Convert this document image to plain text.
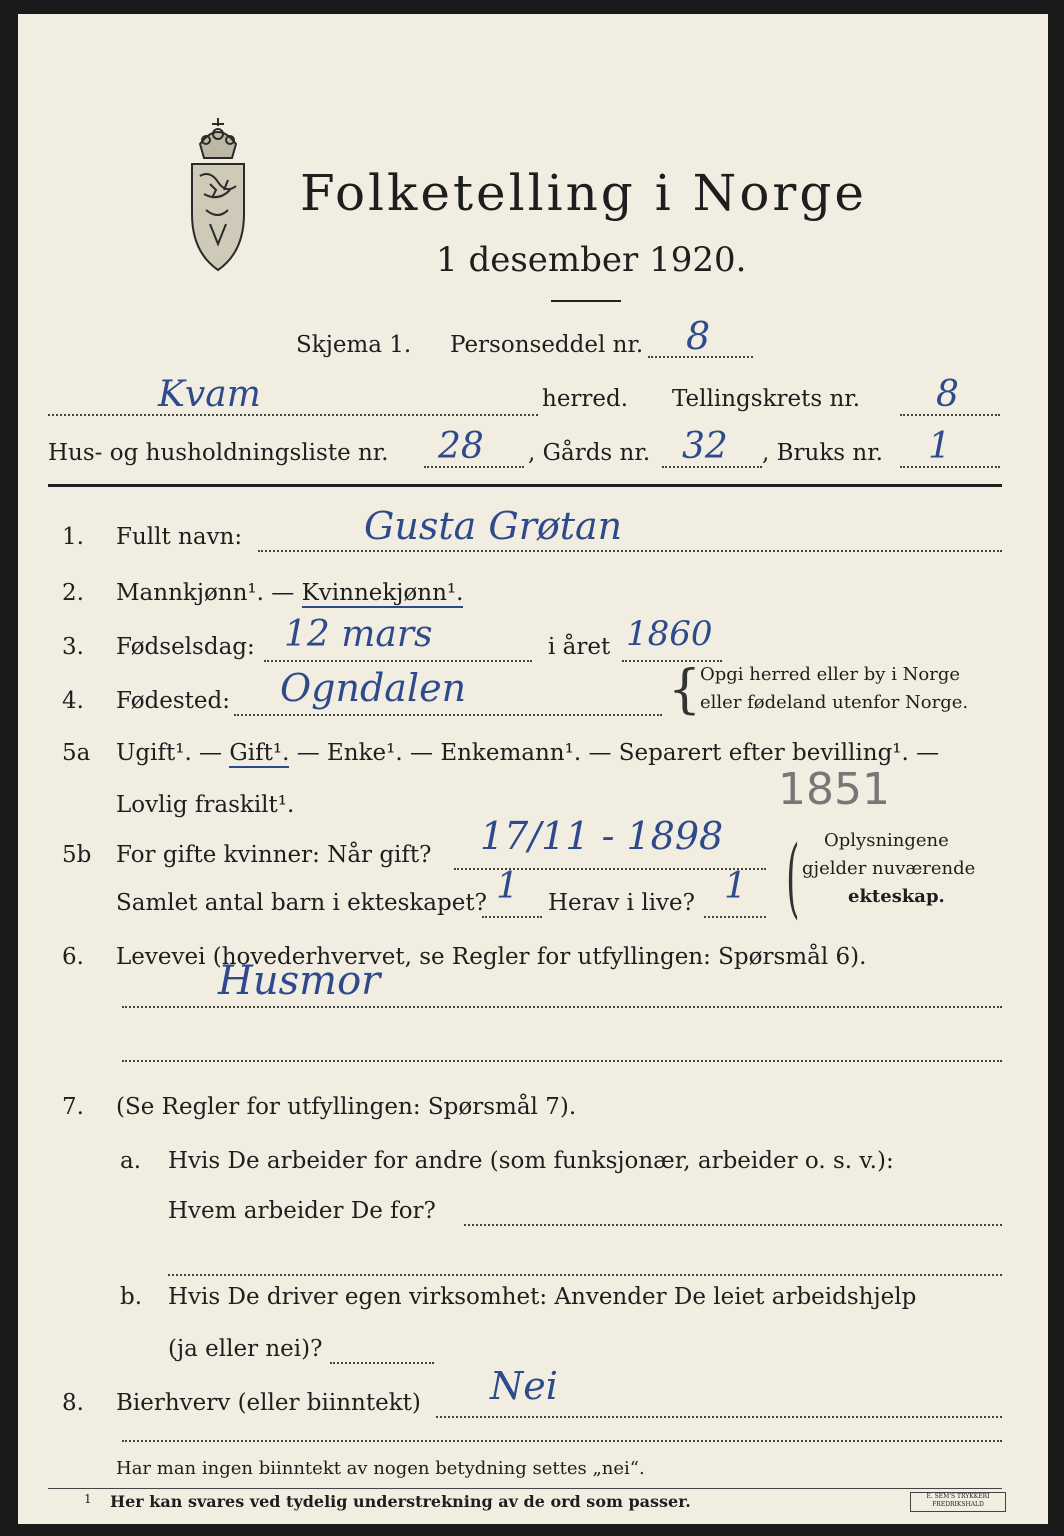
Folketelling i Norge
1 desember 1920.
Skjema 1. Personseddel nr. 8
Kvam	herred. Tellingskrets nr. 8
Hus- og husholdningsliste nr. 28 , Gårds nr. 32 , Bruks nr. 1
1. Fullt navn:	Gusta Grøtan
2. Mannkjønn¹. — Kvinnekjønn¹.
3. Fødselsdag: 12 mars	i året 1860
4. Fødested: Ogndalen	{
Opgi herred eller by i Norge
eller fødeland utenfor Norge.
5a Ugift¹. — Gift¹. — Enke¹. — Enkemann¹. — Separert efter bevilling¹. —
Lovlig fraskilt¹.	1851
5b For gifte kvinner: Når gift? 17/11 - 1898
Samlet antal barn i ekteskapet? 1 Herav i live? 1 ( Oplysningene
gjelder nuværende
ekteskap.
6. Levevei (hovederhvervet, se Regler for utfyllingen: Spørsmål 6).
Husmor
7. (Se Regler for utfyllingen: Spørsmål 7).
a. Hvis De arbeider for andre (som funksjonær, arbeider o. s. v.):
Hvem arbeider De for?
b. Hvis De driver egen virksomhet: Anvender De leiet arbeidshjelp
(ja eller nei)?
8. Bierhverv (eller biinntekt) Nei
Har man ingen biinntekt av nogen betydning settes „nei“.
1 Her kan svares ved tydelig understrekning av de ord som passer.	E. SEM'S TRYKKERI
FREDRIKSHALD
